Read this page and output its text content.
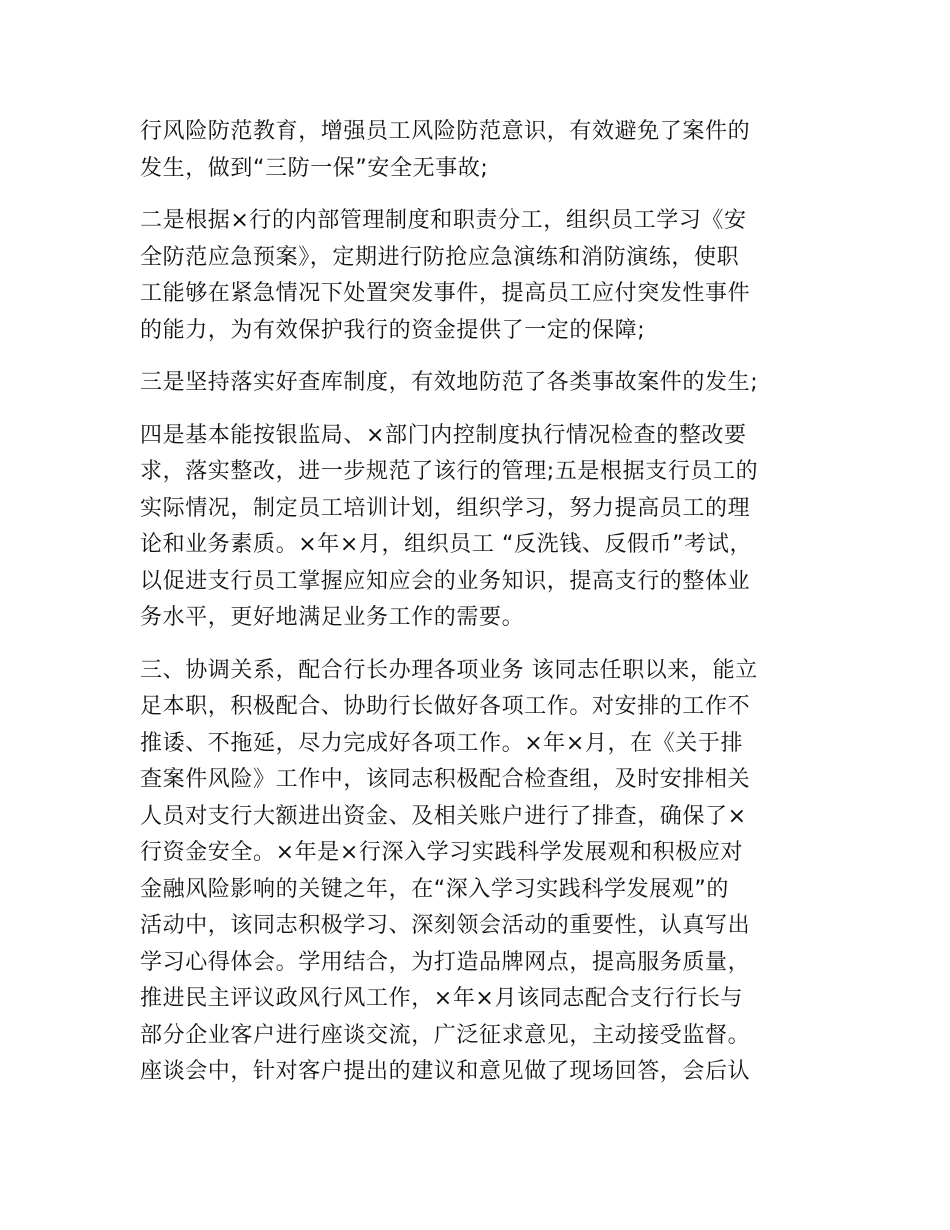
行风险防范教育，增强员工风险防范意识，有效避免了案件的
发生，做到“三防一保”安全无事故;

二是根据×行的内部管理制度和职责分工，组织员工学习《安
全防范应急预案》，定期进行防抢应急演练和消防演练，使职
工能够在紧急情况下处置突发事件，提高员工应付突发性事件
的能力，为有效保护我行的资金提供了一定的保障;

三是坚持落实好查库制度，有效地防范了各类事故案件的发生;

四是基本能按银监局、×部门内控制度执行情况检查的整改要
求，落实整改，进一步规范了该行的管理;五是根据支行员工的
实际情况，制定员工培训计划，组织学习，努力提高员工的理
论和业务素质。×年×月，组织员工 “反洗钱、反假币”考试，
以促进支行员工掌握应知应会的业务知识，提高支行的整体业
务水平，更好地满足业务工作的需要。

三、协调关系，配合行长办理各项业务 该同志任职以来，能立
足本职，积极配合、协助行长做好各项工作。对安排的工作不
推诿、不拖延，尽力完成好各项工作。×年×月，在《关于排
查案件风险》工作中，该同志积极配合检查组，及时安排相关
人员对支行大额进出资金、及相关账户进行了排查，确保了×
行资金安全。×年是×行深入学习实践科学发展观和积极应对
金融风险影响的关键之年，在“深入学习实践科学发展观”的
活动中，该同志积极学习、深刻领会活动的重要性，认真写出
学习心得体会。学用结合，为打造品牌网点，提高服务质量，
推进民主评议政风行风工作，×年×月该同志配合支行行长与
部分企业客户进行座谈交流，广泛征求意见，主动接受监督。
座谈会中，针对客户提出的建议和意见做了现场回答，会后认
